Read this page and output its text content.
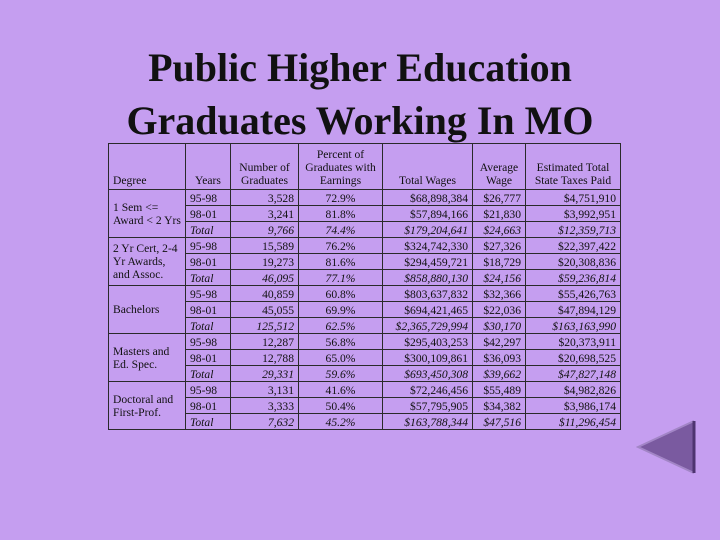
Public Higher Education
Graduates Working In MO
Degree	Years	Number of Graduates	Percent of Graduates with Earnings	Total Wages	Average Wage	Estimated Total State Taxes Paid
1 Sem <= Award < 2 Yrs	95-98	3,528	72.9%	$68,898,384	$26,777	$4,751,910
	98-01	3,241	81.8%	$57,894,166	$21,830	$3,992,951
	Total	9,766	74.4%	$179,204,641	$24,663	$12,359,713
2 Yr Cert, 2-4 Yr Awards, and Assoc.	95-98	15,589	76.2%	$324,742,330	$27,326	$22,397,422
	98-01	19,273	81.6%	$294,459,721	$18,729	$20,308,836
	Total	46,095	77.1%	$858,880,130	$24,156	$59,236,814
Bachelors	95-98	40,859	60.8%	$803,637,832	$32,366	$55,426,763
	98-01	45,055	69.9%	$694,421,465	$22,036	$47,894,129
	Total	125,512	62.5%	$2,365,729,994	$30,170	$163,163,990
Masters and Ed. Spec.	95-98	12,287	56.8%	$295,403,253	$42,297	$20,373,911
	98-01	12,788	65.0%	$300,109,861	$36,093	$20,698,525
	Total	29,331	59.6%	$693,450,308	$39,662	$47,827,148
Doctoral and First-Prof.	95-98	3,131	41.6%	$72,246,456	$55,489	$4,982,826
	98-01	3,333	50.4%	$57,795,905	$34,382	$3,986,174
	Total	7,632	45.2%	$163,788,344	$47,516	$11,296,454
